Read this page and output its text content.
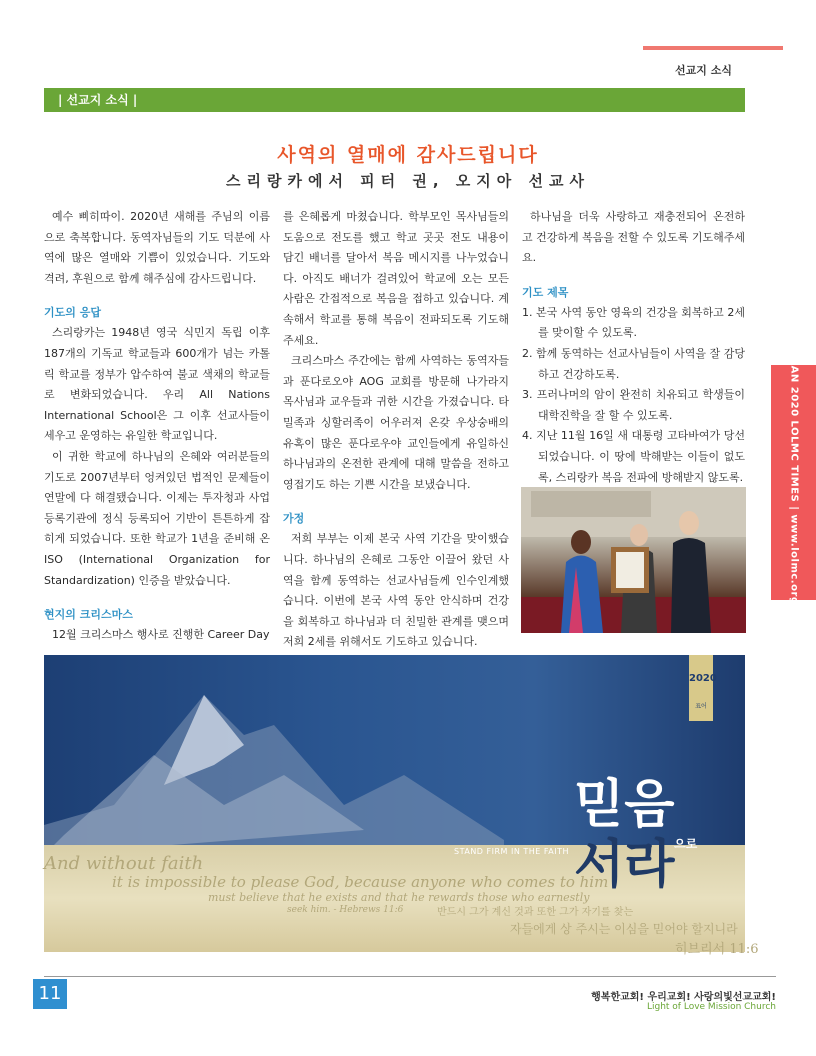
선교지 소식
| 선교지 소식 |
사역의 열매에 감사드립니다
스리랑카에서 피터 권, 오지아 선교사

예수 삐히따이. 2020년 새해를 주님의 이름으로 축복합니다. 동역자님들의 기도 덕분에 사역에 많은 열매와 기쁨이 있었습니다. 기도와 격려, 후원으로 함께 해주심에 감사드립니다.

기도의 응답

스리랑카는 1948년 영국 식민지 독립 이후 187개의 기독교 학교들과 600개가 넘는 카톨릭 학교를 정부가 압수하여 불교 색채의 학교들로 변화되었습니다. 우리 All Nations International School은 그 이후 선교사들이 세우고 운영하는 유일한 학교입니다.

이 귀한 학교에 하나님의 은혜와 여러분들의 기도로 2007년부터 엉켜있던 법적인 문제들이 연말에 다 해결됐습니다. 이제는 투자청과 사업등록기관에 정식 등록되어 기반이 튼튼하게 잡히게 되었습니다. 또한 학교가 1년을 준비해 온 ISO (International Organization for Standardization) 인증을 받았습니다.

현지의 크리스마스

12월 크리스마스 행사로 진행한 Career Day

를 은혜롭게 마쳤습니다. 학부모인 목사님들의 도움으로 전도를 했고 학교 곳곳 전도 내용이 담긴 배너를 달아서 복음 메시지를 나누었습니다. 아직도 배너가 걸려있어 학교에 오는 모든 사람은 간접적으로 복음을 접하고 있습니다. 계속해서 학교를 통해 복음이 전파되도록 기도해 주세요.

크리스마스 주간에는 함께 사역하는 동역자들과 푼다로오야 AOG 교회를 방문해 나가라지 목사님과 교우들과 귀한 시간을 가졌습니다. 타밀족과 싱할러족이 어우러져 온갖 우상숭배의 유혹이 많은 푼다로우야 교인들에게 유일하신 하나님과의 온전한 관계에 대해 말씀을 전하고 영접기도 하는 기쁜 시간을 보냈습니다.

가정

저희 부부는 이제 본국 사역 기간을 맞이했습니다. 하나님의 은혜로 그동안 이끌어 왔던 사역을 함께 동역하는 선교사님들께 인수인계했습니다. 이번에 본국 사역 동안 안식하며 건강을 회복하고 하나님과 더 친밀한 관계를 맺으며 저희 2세를 위해서도 기도하고 있습니다.

하나님을 더욱 사랑하고 재충전되어 온전하고 건강하게 복음을 전할 수 있도록 기도해주세요.

기도 제목
1. 본국 사역 동안 영육의 건강을 회복하고 2세를 맞이할 수 있도록.
2. 함께 동역하는 선교사님들이 사역을 잘 감당하고 건강하도록.
3. 프러나머의 암이 완전히 치유되고 학생들이 대학진학을 잘 할 수 있도록.
4. 지난 11월 16일 새 대통령 고타바여가 당선되었습니다. 이 땅에 박해받는 이들이 없도록, 스리랑카 복음 전파에 방해받지 않도록.	JAN 2020 LOLMC TIMES | www.lolmc.org
2020
표어
And without faith
it is impossible to please God, because anyone who comes to him
must believe that he exists and that he rewards those who earnestly
seek him. - Hebrews 11:6	반드시 그가 계신 것과 또한 그가 자기를 찾는
자들에게 상 주시는 이심을 믿어야 할지니라
히브리서 11:6
STAND FIRM IN THE FAITH
믿음
으로
서라
11	행복한교회! 우리교회! 사랑의빛선교교회!
Light of Love Mission Church
